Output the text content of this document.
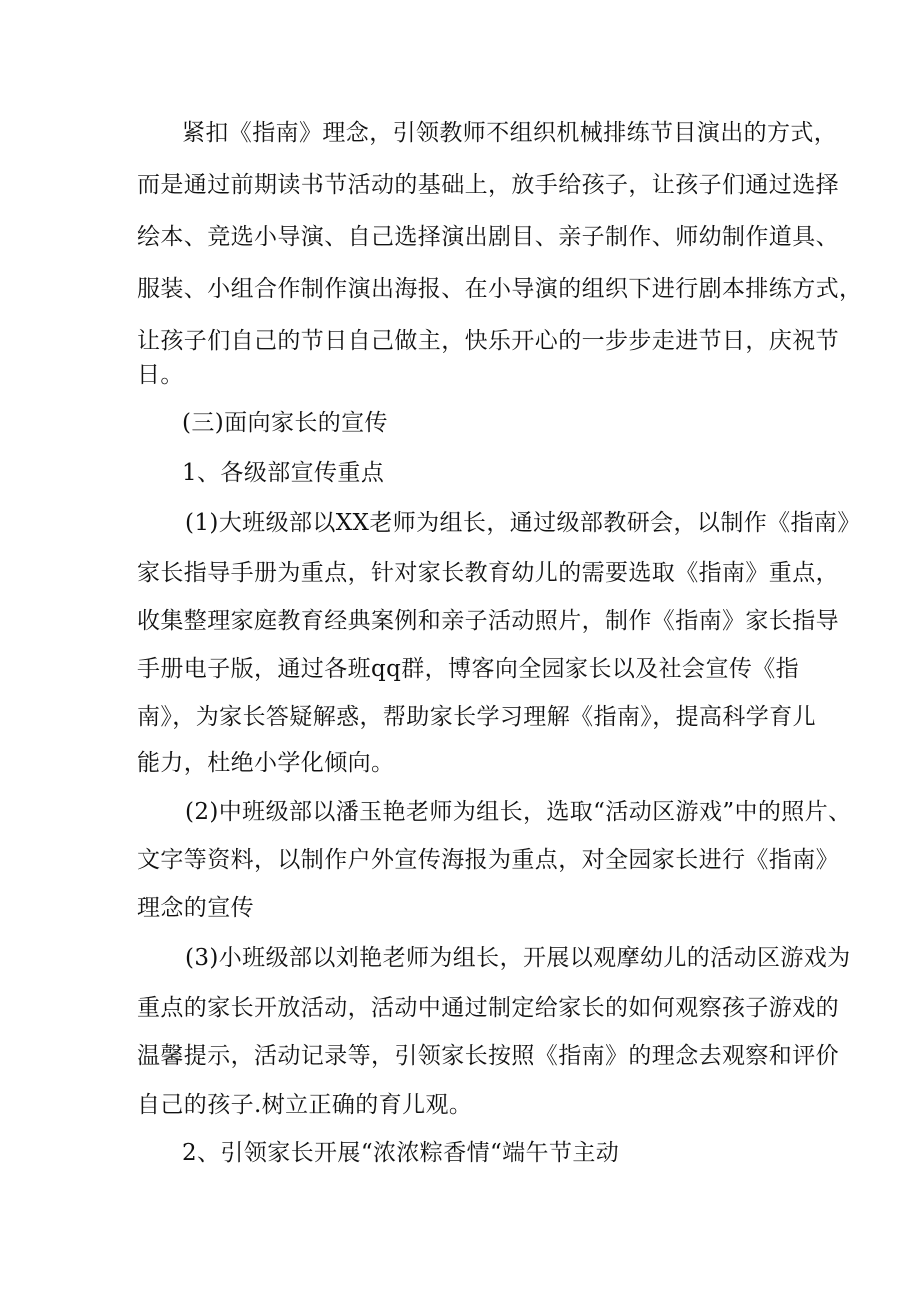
紧扣《指南》理念，引领教师不组织机械排练节目演出的方式，
而是通过前期读书节活动的基础上，放手给孩子，让孩子们通过选择
绘本、竞选小导演、自己选择演出剧目、亲子制作、师幼制作道具、
服装、小组合作制作演出海报、在小导演的组织下进行剧本排练方式，
让孩子们自己的节日自己做主，快乐开心的一步步走进节日，庆祝节
日。
(三)面向家长的宣传
1、各级部宣传重点
(1)大班级部以XX老师为组长，通过级部教研会，以制作《指南》
家长指导手册为重点，针对家长教育幼儿的需要选取《指南》重点，
收集整理家庭教育经典案例和亲子活动照片，制作《指南》家长指导
手册电子版，通过各班qq群，博客向全园家长以及社会宣传《指
南》，为家长答疑解惑，帮助家长学习理解《指南》，提高科学育儿
能力，杜绝小学化倾向。
(2)中班级部以潘玉艳老师为组长，选取“活动区游戏”中的照片、
文字等资料，以制作户外宣传海报为重点，对全园家长进行《指南》
理念的宣传
(3)小班级部以刘艳老师为组长，开展以观摩幼儿的活动区游戏为
重点的家长开放活动，活动中通过制定给家长的如何观察孩子游戏的
温馨提示，活动记录等，引领家长按照《指南》的理念去观察和评价
自己的孩子.树立正确的育儿观。
2、引领家长开展“浓浓粽香情“端午节主动
